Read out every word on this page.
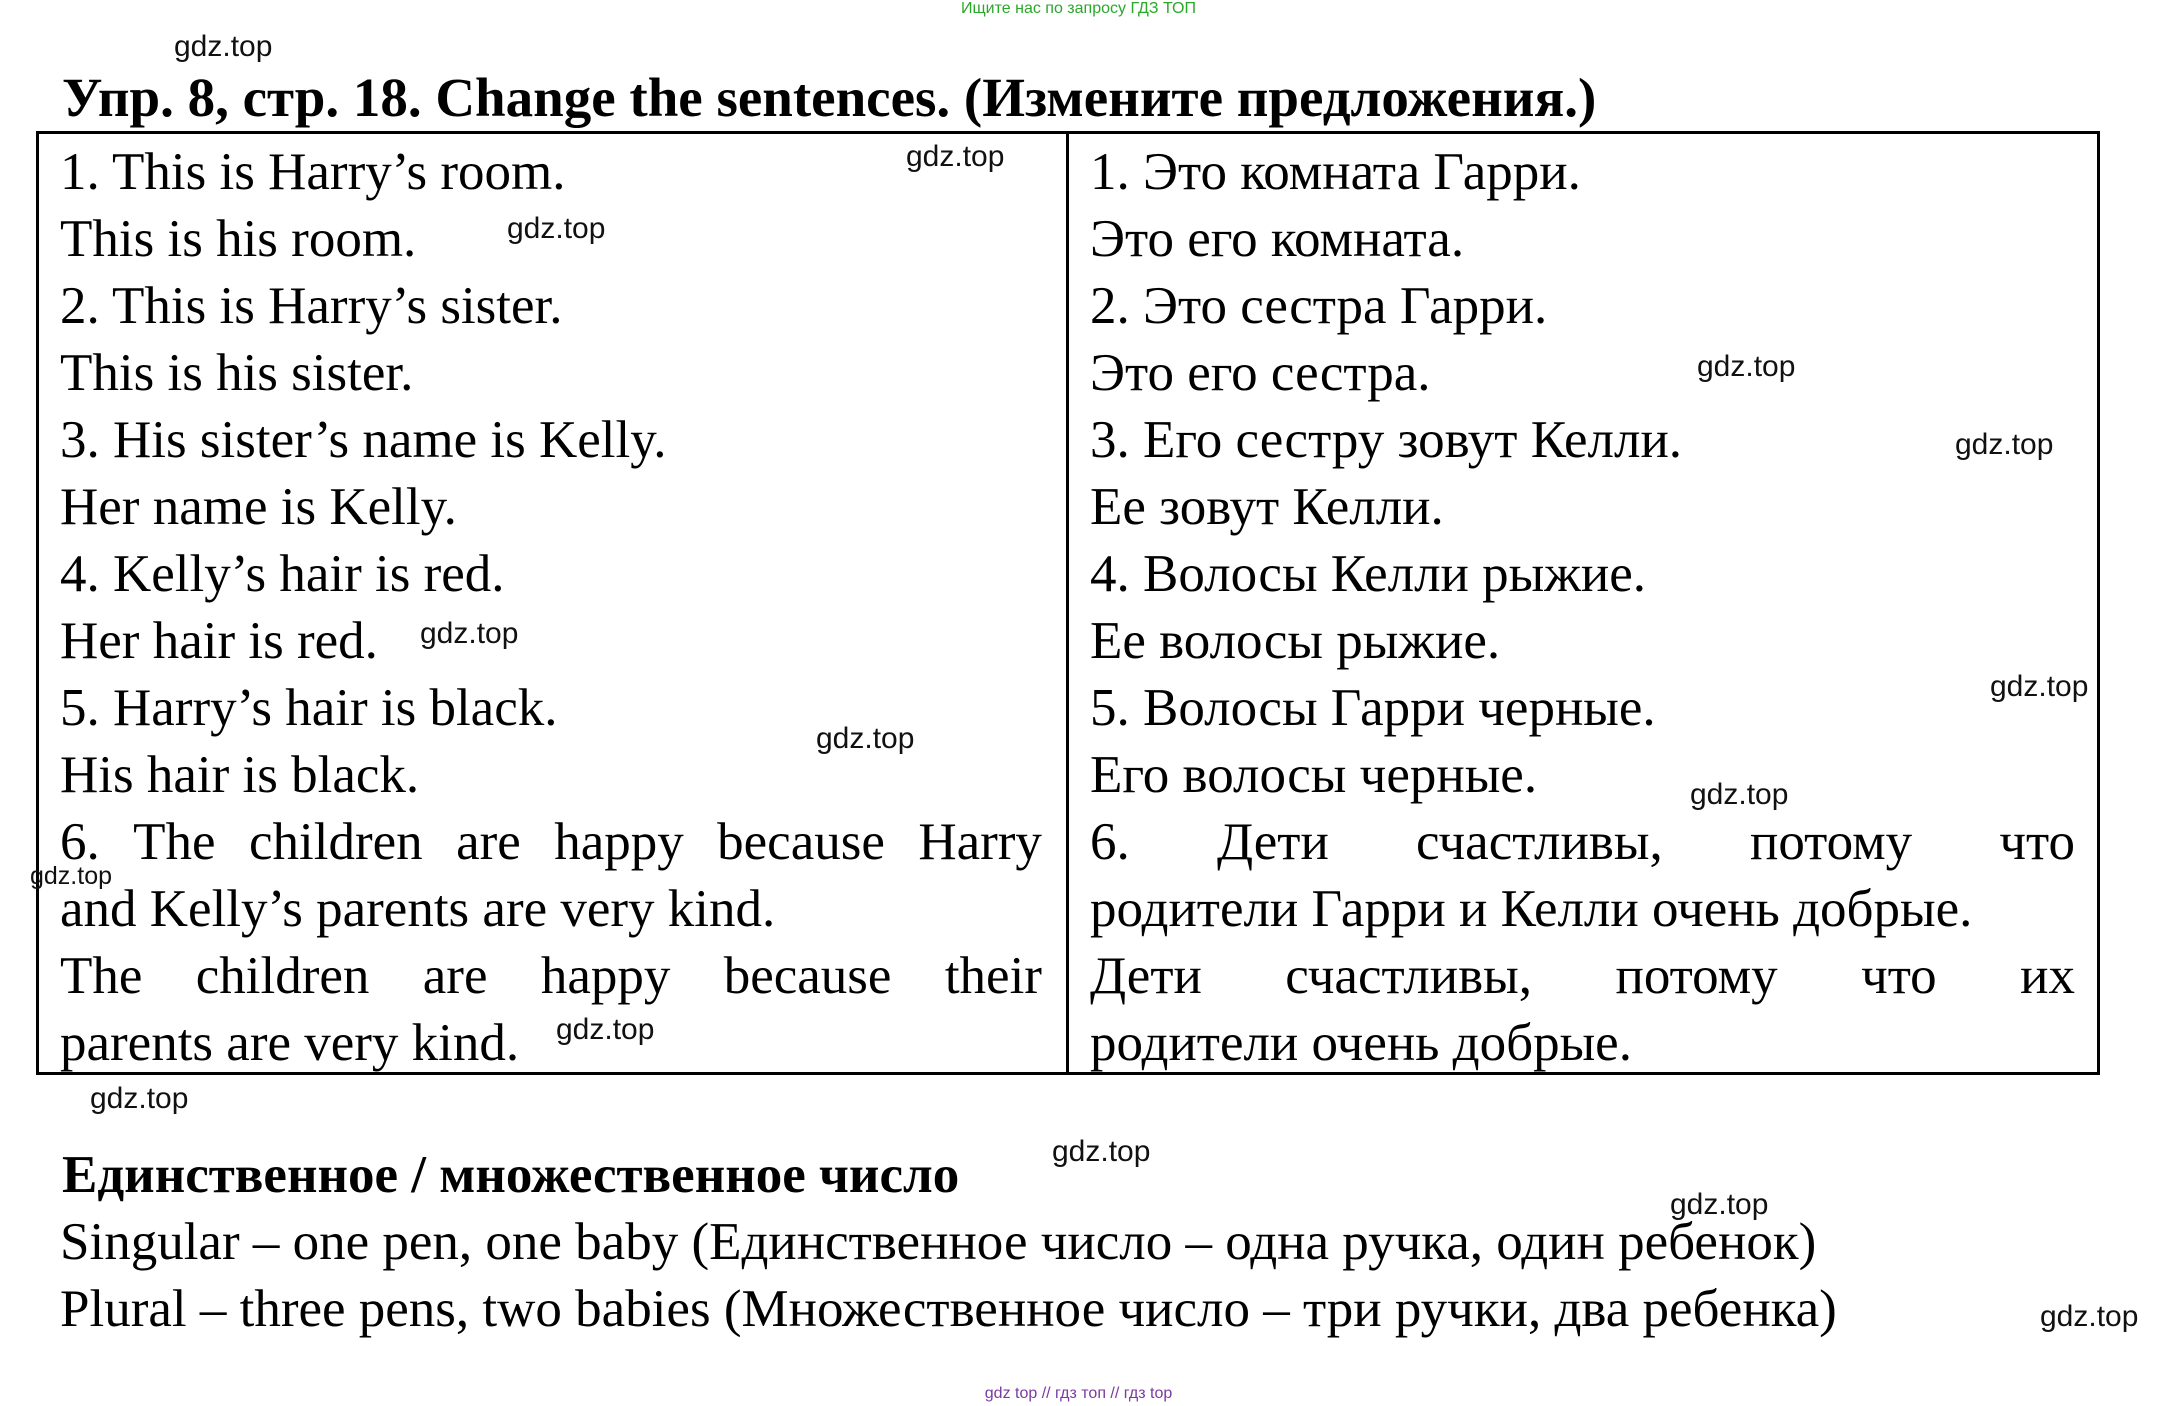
Ищите нас по запросу ГДЗ ТОП
Упр. 8, стр. 18. Change the sentences. (Измените предложения.)
1. This is Harry’s room.
This is his room.
2. This is Harry’s sister.
This is his sister.
3. His sister’s name is Kelly.
Her name is Kelly.
4. Kelly’s hair is red.
Her hair is red.
5. Harry’s hair is black.
His hair is black.
6. The children are happy because Harry
and Kelly’s parents are very kind.
The children are happy because their
parents are very kind.
1. Это комната Гарри.
Это его комната.
2. Это сестра Гарри.
Это его сестра.
3. Его сестру зовут Келли.
Ее зовут Келли.
4. Волосы Келли рыжие.
Ее волосы рыжие.
5. Волосы Гарри черные.
Его волосы черные.
6. Дети счастливы, потому что
родители Гарри и Келли очень добрые.
Дети счастливы, потому что их
родители очень добрые.
Единственное / множественное число
Singular – one pen, one baby (Единственное число – одна ручка, один ребенок)
Plural – three pens, two babies (Множественное число – три ручки, два ребенка)
gdz.top
gdz.top
gdz.top
gdz.top
gdz.top
gdz.top
gdz.top
gdz.top
gdz.top
gdz.top
gdz.top
gdz.top
gdz.top
gdz.top
gdz.top
gdz top // гдз топ // гдз top
